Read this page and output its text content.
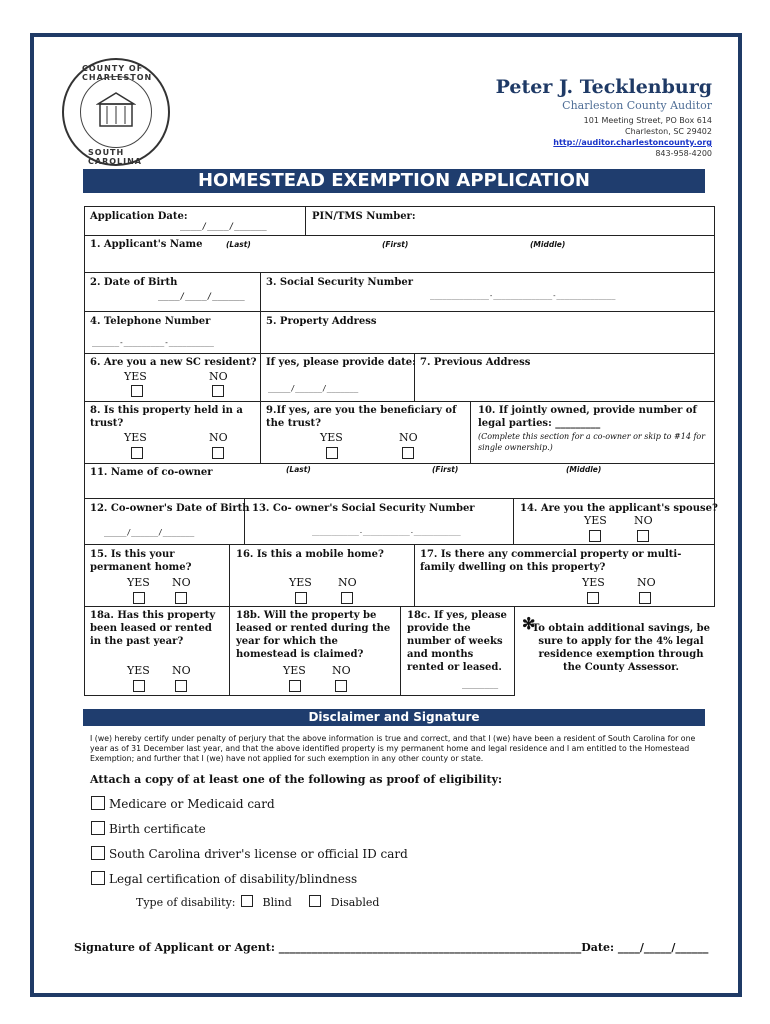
COUNTY OF CHARLESTON
SOUTH CAROLINA
Peter J. Tecklenburg
Charleston County Auditor
101 Meeting Street, PO Box 614
Charleston, SC 29402
http://auditor.charlestoncounty.org
843-958-4200
HOMESTEAD EXEMPTION APPLICATION
Application Date:
____/____/______
PIN/TMS Number:
1. Applicant's Name	(Last)	(First)	(Middle)
2. Date of Birth
____/____/______
3. Social Security Number
______________-______________-______________
4. Telephone Number
______-_________-__________
5. Property Address
6. Are you a new SC resident?
YES	NO
If yes, please provide date:
_____/______/_______
7. Previous Address
8. Is this property held in a trust?
YES	NO
9.If yes, are you the beneficiary of the trust?
YES	NO
10. If jointly owned, provide number of legal parties: _________
(Complete this section for a co-owner or skip to #14 for single ownership.)
11. Name of co-owner	(Last)	(First)	(Middle)
12. Co-owner's Date of Birth
_____/______/_______
13. Co- owner's Social Security Number
____________-____________-____________
14. Are you the applicant's spouse?
YES NO
15. Is this your permanent home?
YES NO
16. Is this a mobile home?
YES NO
17. Is there any commercial property or multi-family dwelling on this property?
YES	NO
18a. Has this property been leased or rented in the past year?
YES NO
18b. Will the property be leased or rented during the year for which the homestead is claimed?
YES NO
18c. If yes, please provide the number of weeks and months rented or leased.
________
✻
To obtain additional savings, be sure to apply for the 4% legal residence exemption through the County Assessor.
Disclaimer and Signature
I (we) hereby certify under penalty of perjury that the above information is true and correct, and that I (we) have been a resident of South Carolina for one year as of 31 December last year, and that the above identified property is my permanent home and legal residence and I am entitled to the Homestead Exemption; and further that I (we) have not applied for such exemption in any other county or state.
Attach a copy of at least one of the following as proof of eligibility:
Medicare or Medicaid card
Birth certificate
South Carolina driver's license or official ID card
Legal certification of disability/blindness
Type of disability: Blind	Disabled
Signature of Applicant or Agent: _______________________________________________________Date: ____/_____/______
